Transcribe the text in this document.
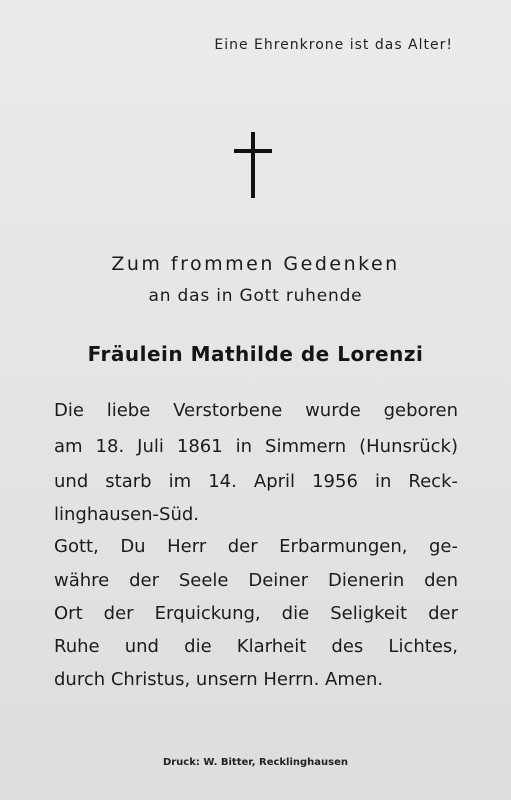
Eine Ehrenkrone ist das Alter!
Zum frommen Gedenken
an das in Gott ruhende
Fräulein Mathilde de Lorenzi
Die liebe Verstorbene wurde geboren
am 18. Juli 1861 in Simmern (Hunsrück)
und starb im 14. April 1956 in Reck-
linghausen-Süd.
Gott, Du Herr der Erbarmungen, ge-
währe der Seele Deiner Dienerin den
Ort der Erquickung, die Seligkeit der
Ruhe und die Klarheit des Lichtes,
durch Christus, unsern Herrn. Amen.
Druck: W. Bitter, Recklinghausen
